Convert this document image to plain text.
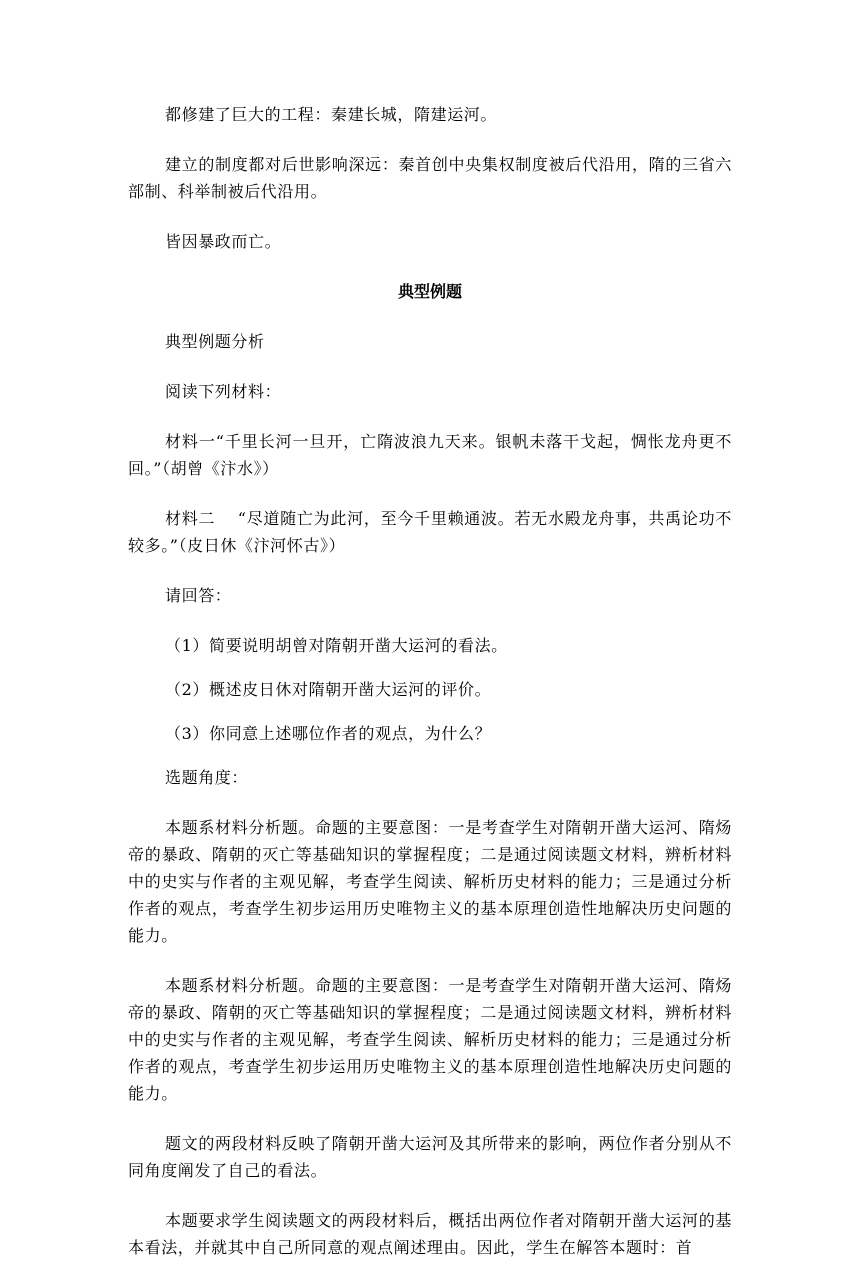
都修建了巨大的工程：秦建长城，隋建运河。

建立的制度都对后世影响深远：秦首创中央集权制度被后代沿用，隋的三省六部制、科举制被后代沿用。

皆因暴政而亡。

典型例题

典型例题分析

阅读下列材料：

材料一“千里长河一旦开，亡隋波浪九天来。银帆未落干戈起，惆怅龙舟更不回。”（胡曾《汴水》）

材料二　 “尽道随亡为此河，至今千里赖通波。若无水殿龙舟事，共禹论功不较多。”（皮日休《汴河怀古》）

请回答：

（1）简要说明胡曾对隋朝开凿大运河的看法。

（2）概述皮日休对隋朝开凿大运河的评价。

（3）你同意上述哪位作者的观点，为什么？

选题角度：

本题系材料分析题。命题的主要意图：一是考查学生对隋朝开凿大运河、隋炀帝的暴政、隋朝的灭亡等基础知识的掌握程度；二是通过阅读题文材料，辨析材料中的史实与作者的主观见解，考查学生阅读、解析历史材料的能力；三是通过分析作者的观点，考查学生初步运用历史唯物主义的基本原理创造性地解决历史问题的能力。

本题系材料分析题。命题的主要意图：一是考查学生对隋朝开凿大运河、隋炀帝的暴政、隋朝的灭亡等基础知识的掌握程度；二是通过阅读题文材料，辨析材料中的史实与作者的主观见解，考查学生阅读、解析历史材料的能力；三是通过分析作者的观点，考查学生初步运用历史唯物主义的基本原理创造性地解决历史问题的能力。

题文的两段材料反映了隋朝开凿大运河及其所带来的影响，两位作者分别从不同角度阐发了自己的看法。

本题要求学生阅读题文的两段材料后，概括出两位作者对隋朝开凿大运河的基本看法，并就其中自己所同意的观点阐述理由。因此，学生在解答本题时：首
